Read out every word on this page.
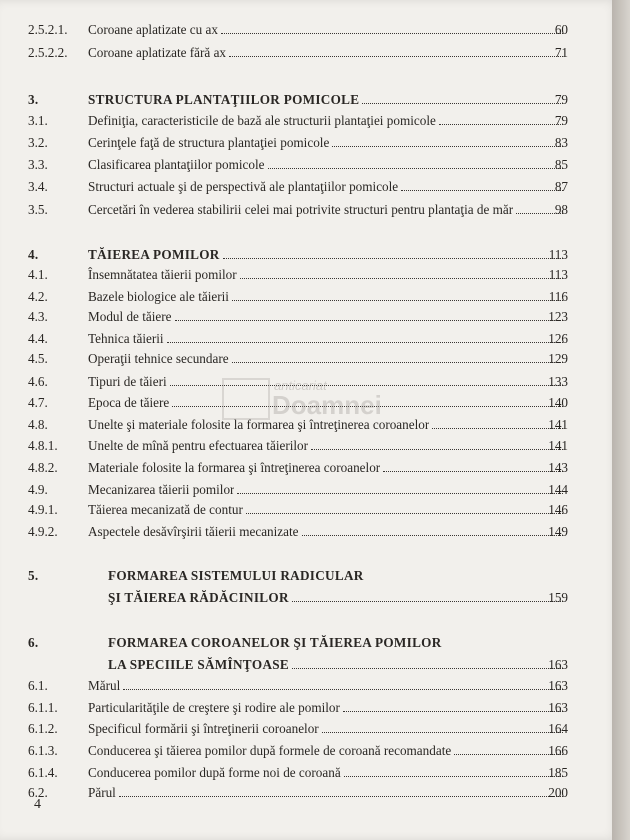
2.5.2.1. Coroane aplatizate cu ax	60
2.5.2.2. Coroane aplatizate fără ax	71
3.	STRUCTURA PLANTAŢIILOR POMICOLE	79
3.1.	Definiţia, caracteristicile de bază ale structurii plantaţiei pomicole	79
3.2.	Cerinţele faţă de structura plantaţiei pomicole	83
3.3.	Clasificarea plantaţiilor pomicole	85
3.4.	Structuri actuale şi de perspectivă ale plantaţiilor pomicole	87
3.5.	Cercetări în vederea stabilirii celei mai potrivite structuri pentru plantaţia de măr	98
4.	TĂIEREA POMILOR	113
4.1.	Însemnătatea tăierii pomilor	113
4.2.	Bazele biologice ale tăierii	116
4.3.	Modul de tăiere	123
4.4.	Tehnica tăierii	126
4.5.	Operaţii tehnice secundare	129
4.6.	Tipuri de tăieri	133
4.7.	Epoca de tăiere	140
4.8.	Unelte şi materiale folosite la formarea şi întreţinerea coroanelor	141
4.8.1. Unelte de mînă pentru efectuarea tăierilor	141
4.8.2. Materiale folosite la formarea şi întreţinerea coroanelor	143
4.9.	Mecanizarea tăierii pomilor	144
4.9.1. Tăierea mecanizată de contur	146
4.9.2. Aspectele desăvîrşirii tăierii mecanizate	149
5.	FORMAREA SISTEMULUI RADICULAR
ŞI TĂIEREA RĂDĂCINILOR	159
6.	FORMAREA COROANELOR ŞI TĂIEREA POMILOR
LA SPECIILE SĂMÎNŢOASE	163
6.1.	Mărul	163
6.1.1. Particularităţile de creştere şi rodire ale pomilor	163
6.1.2. Specificul formării şi întreţinerii coroanelor	164
6.1.3. Conducerea şi tăierea pomilor după formele de coroană recomandate	166
6.1.4. Conducerea pomilor după forme noi de coroană	185
6.2.	Părul	200
anticariat
Doamnei
4
